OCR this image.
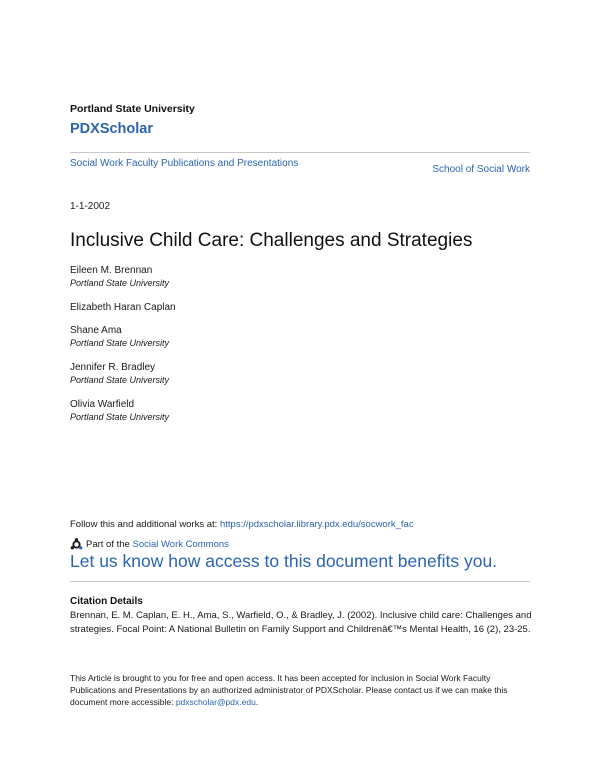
Portland State University
PDXScholar
Social Work Faculty Publications and Presentations
School of Social Work
1-1-2002
Inclusive Child Care: Challenges and Strategies
Eileen M. Brennan
Portland State University
Elizabeth Haran Caplan
Shane Ama
Portland State University
Jennifer R. Bradley
Portland State University
Olivia Warfield
Portland State University
Follow this and additional works at: https://pdxscholar.library.pdx.edu/socwork_fac
Part of the Social Work Commons
Let us know how access to this document benefits you.
Citation Details
Brennan, E. M. Caplan, E. H., Ama, S., Warfield, O., & Bradley, J. (2002). Inclusive child care: Challenges and strategies. Focal Point: A National Bulletin on Family Support and Childrenâ€™s Mental Health, 16 (2), 23-25.
This Article is brought to you for free and open access. It has been accepted for inclusion in Social Work Faculty Publications and Presentations by an authorized administrator of PDXScholar. Please contact us if we can make this document more accessible: pdxscholar@pdx.edu.
